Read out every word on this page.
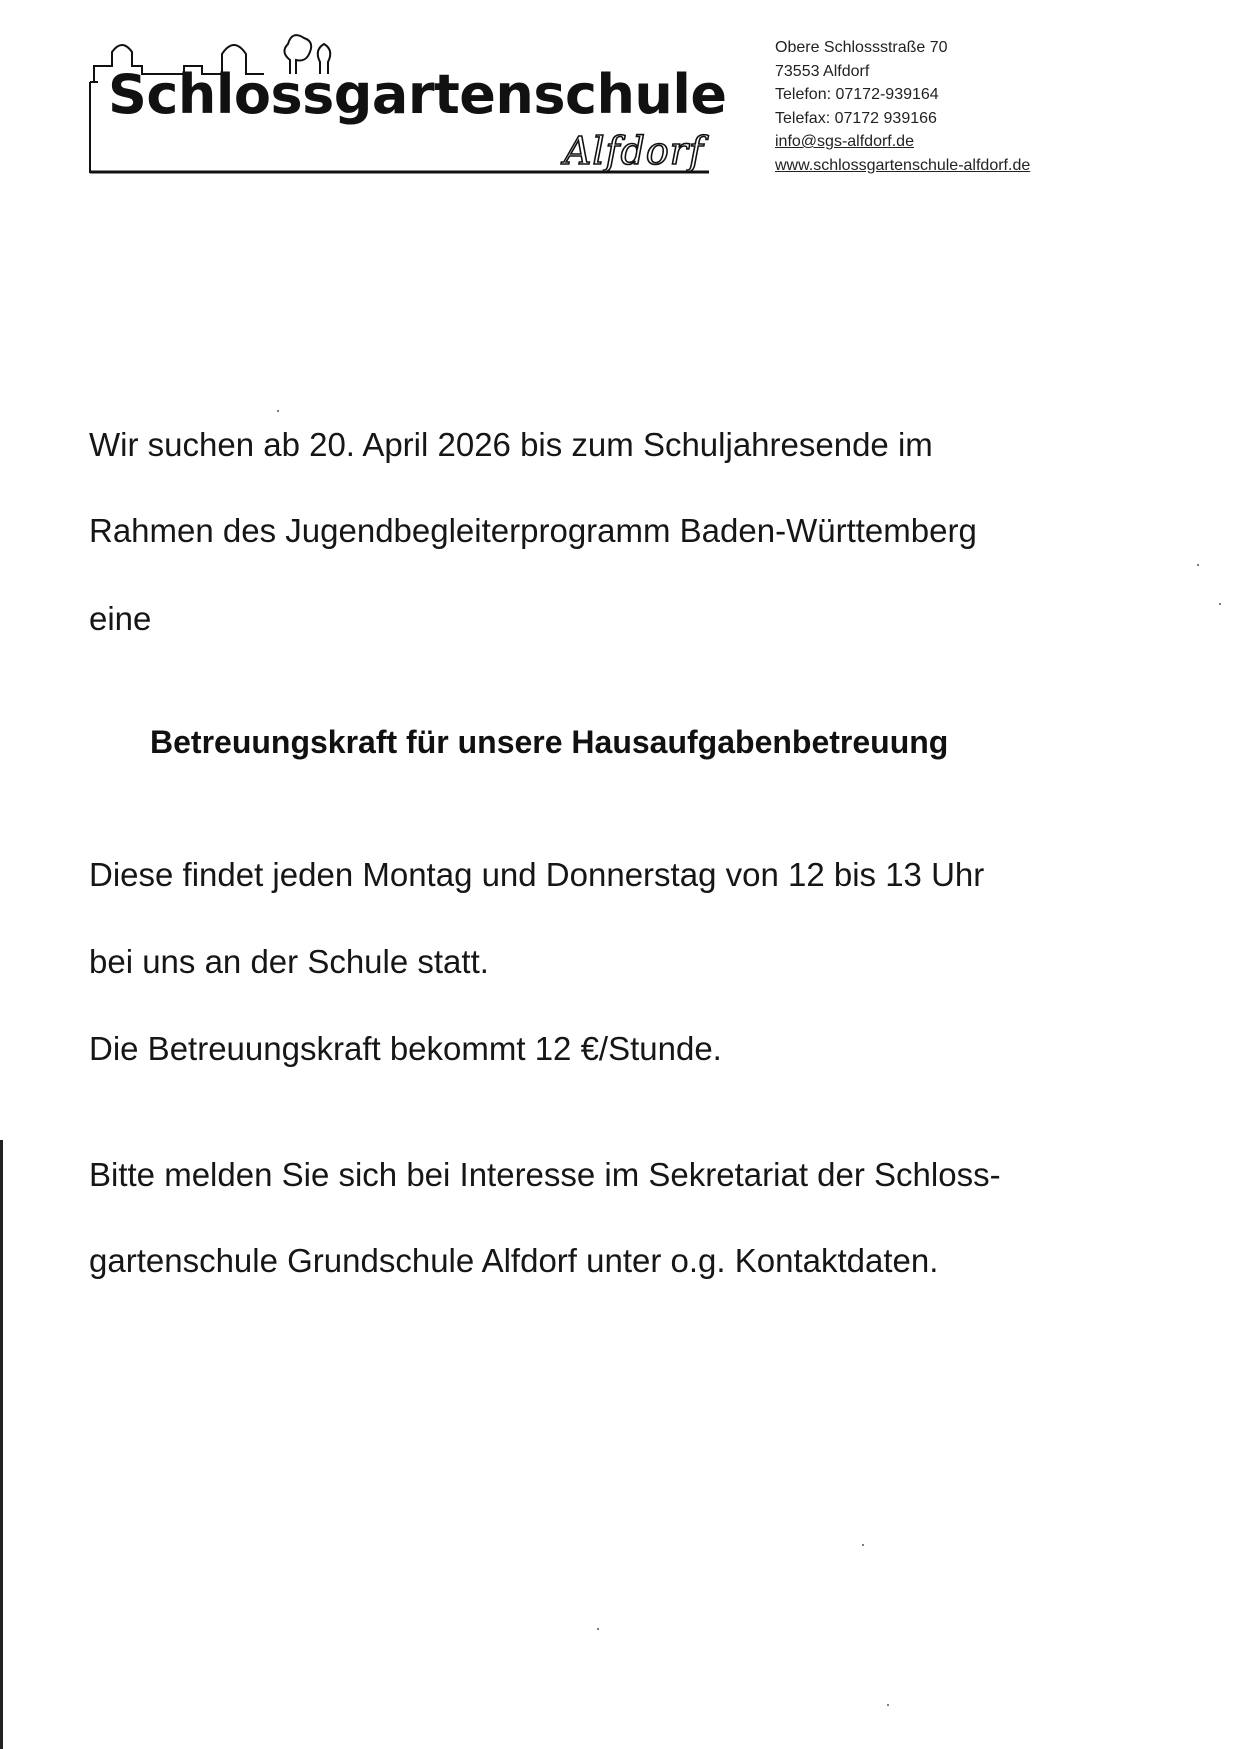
Schlossgartenschule
Alfdorf
Obere Schlossstraße 70
73553 Alfdorf
Telefon: 07172-939164
Telefax: 07172 939166
info@sgs-alfdorf.de
www.schlossgartenschule-alfdorf.de
Wir suchen ab 20. April 2026 bis zum Schuljahresende im
Rahmen des Jugendbegleiterprogramm Baden-Württemberg
eine
Betreuungskraft für unsere Hausaufgabenbetreuung
Diese findet jeden Montag und Donnerstag von 12 bis 13 Uhr
bei uns an der Schule statt.
Die Betreuungskraft bekommt 12 €/Stunde.
Bitte melden Sie sich bei Interesse im Sekretariat der Schloss-
gartenschule Grundschule Alfdorf unter o.g. Kontaktdaten.
